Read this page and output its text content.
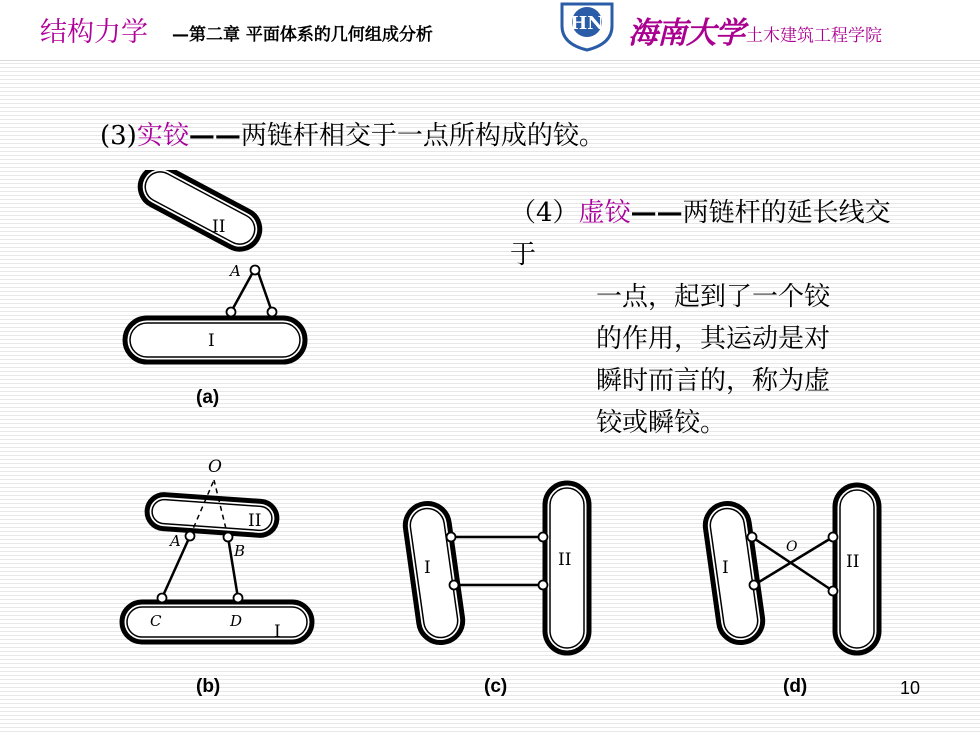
结构力学 —第二章 平面体系的几何组成分析
HN 海南大学 土木建筑工程学院
(3)实铰——两链杆相交于一点所构成的铰。
（4）虚铰——两链杆的延长线交于
一点，起到了一个铰
的作用，其运动是对
瞬时而言的，称为虚
铰或瞬铰。
II
I
A
(a)
O
II
A
B
C	D
I
(b)
I	II
(c)
I	II
O
(d)	10
